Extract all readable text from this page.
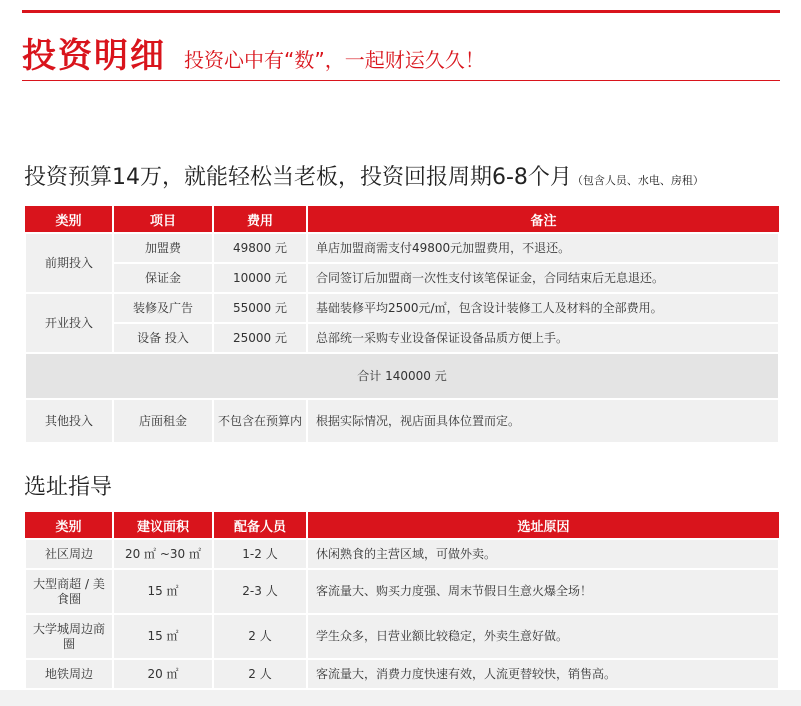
投资明细 投资心中有“数”，一起财运久久！
投资预算14万，就能轻松当老板，投资回报周期6-8个月（包含人员、水电、房租）
类别	项目	费用	备注
前期投入	加盟费	49800 元	单店加盟商需支付49800元加盟费用，不退还。
	保证金	10000 元	合同签订后加盟商一次性支付该笔保证金，合同结束后无息退还。
开业投入	装修及广告	55000 元	基础装修平均2500元/㎡，包含设计装修工人及材料的全部费用。
	设备 投入	25000 元	总部统一采购专业设备保证设备品质方便上手。
合计 140000 元			
其他投入	店面租金	不包含在预算内	根据实际情况，视店面具体位置而定。
选址指导
类别	建议面积	配备人员	选址原因
社区周边	20 ㎡ ~30 ㎡	1-2 人	休闲熟食的主营区域，可做外卖。
大型商超 / 美食圈	15 ㎡	2-3 人	客流量大、购买力度强、周末节假日生意火爆全场！
大学城周边商圈	15 ㎡	2 人	学生众多，日营业额比较稳定，外卖生意好做。
地铁周边	20 ㎡	2 人	客流量大，消费力度快速有效，人流更替较快，销售高。
